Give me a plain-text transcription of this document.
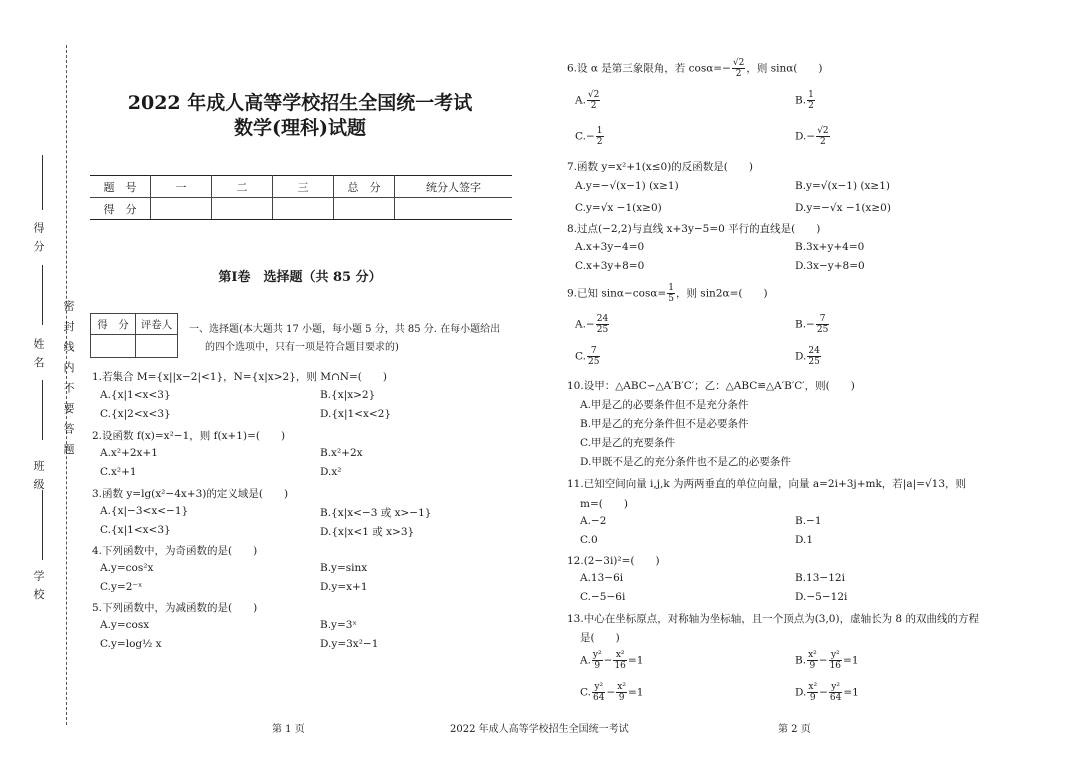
得 分
姓 名 密 封 线 内 不 要 答 题
班 级
学 校
2022 年成人高等学校招生全国统一考试
数学(理科)试题
题　号	一	二	三	总　分	统分人签字
得　分					
第Ⅰ卷　选择题（共 85 分）
得　分	评卷人
	一、选择题(本大题共 17 小题，每小题 5 分，共 85 分. 在每小题给出
的四个选项中，只有一项是符合题目要求的)
1.若集合 M={x||x−2|<1}，N={x|x>2}，则 M∩N=(　　)
A.{x|1<x<3}	B.{x|x>2}
C.{x|2<x<3}	D.{x|1<x<2}
2.设函数 f(x)=x²−1，则 f(x+1)=(　　)
A.x²+2x+1	B.x²+2x
C.x²+1	D.x²
3.函数 y=lg(x²−4x+3)的定义域是(　　)
A.{x|−3<x<−1}	B.{x|x<−3 或 x>−1}
C.{x|1<x<3}	D.{x|x<1 或 x>3}
4.下列函数中，为奇函数的是(　　)
A.y=cos²x	B.y=sinx
C.y=2⁻ˣ	D.y=x+1
5.下列函数中，为减函数的是(　　)
A.y=cosx	B.y=3ˣ
C.y=log½ x	D.y=3x²−1
6.设 α 是第三象限角，若 $\cos\alpha=- \frac{√2}{2}$ ，则 sinα(　　)
A. $\frac{√2}{2}$	B. $\frac{1}{2}$
$C.- \frac{1}{2}$	$D.- \frac{√2}{2}$
7.函数 y=x²+1(x≤0)的反函数是(　　)
A.y=−√(x−1) (x≥1)	B.y=√(x−1) (x≥1)
C.y=√x −1(x≥0)	D.y=−√x −1(x≥0)
8.过点(−2,2)与直线 x+3y−5=0 平行的直线是(　　)
A.x+3y−4=0	B.3x+y+4=0
C.x+3y+8=0	D.3x−y+8=0
9.已知 $\sin\alpha-\cos\alpha= \frac{1}{5}$ ，则 sin2α=(　　)
$A.- \frac{24}{25}$	$B.- \frac{7}{25}$
C. $\frac{7}{25}$	D. $\frac{24}{25}$
10.设甲：△ABC∽△A′B′C′；乙：△ABC≌△A′B′C′，则(　　)
A.甲是乙的必要条件但不是充分条件
B.甲是乙的充分条件但不是必要条件
C.甲是乙的充要条件
D.甲既不是乙的充分条件也不是乙的必要条件
11.已知空间向量 i,j,k 为两两垂直的单位向量，向量 a=2i+3j+mk，若|a|=√13，则
m=(　　)
A.−2	B.−1
C.0	D.1
12.(2−3i)²=(　　)
A.13−6i	B.13−12i
C.−5−6i	D.−5−12i
13.中心在坐标原点，对称轴为坐标轴，且一个顶点为(3,0)，虚轴长为 8 的双曲线的方程
是(　　)
A. $\frac{\text{y²}}{9} - \frac{\text{x²}}{16} =1$	B. $\frac{\text{x²}}{9} - \frac{\text{y²}}{16} =1$
C. $\frac{\text{y²}}{64} - \frac{\text{x²}}{9} =1$	D. $\frac{\text{x²}}{9} - \frac{\text{y²}}{64} =1$
第 1 页	2022 年成人高等学校招生全国统一考试	第 2 页
